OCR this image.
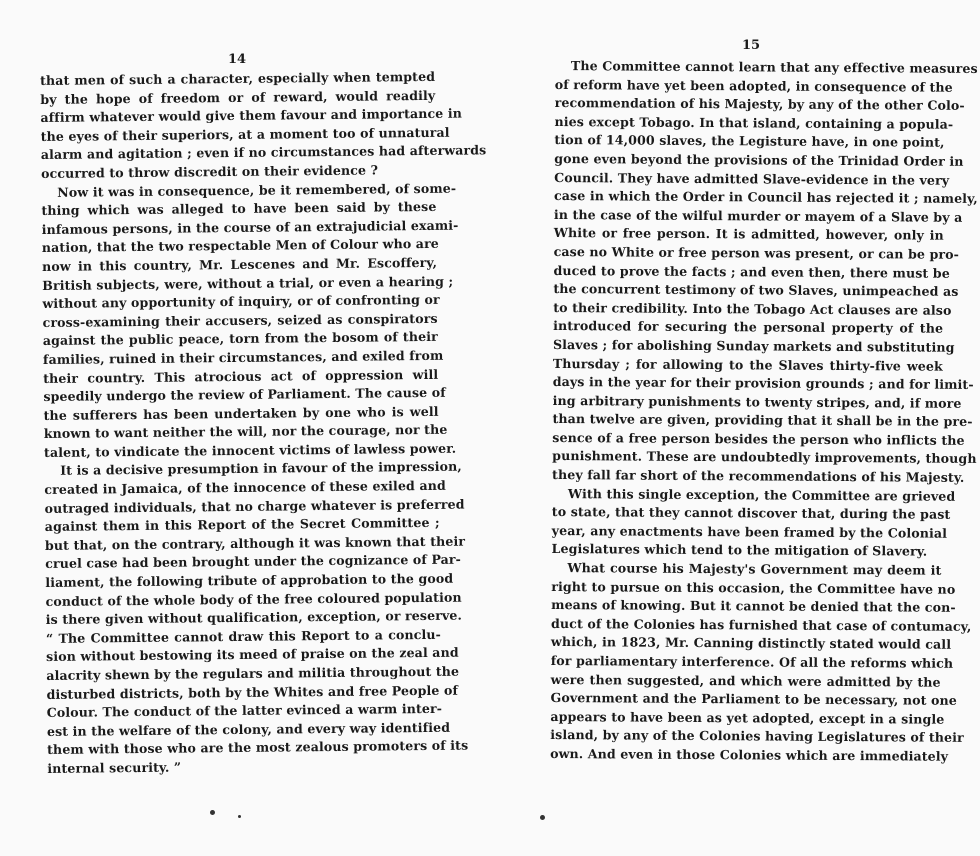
14
that men of such a character, especially when tempted
by the hope of freedom or of reward, would readily
affirm whatever would give them favour and importance in
the eyes of their superiors, at a moment too of unnatural
alarm and agitation ; even if no circumstances had afterwards
occurred to throw discredit on their evidence ?
Now it was in consequence, be it remembered, of some-
thing which was alleged to have been said by these
infamous persons, in the course of an extrajudicial exami-
nation, that the two respectable Men of Colour who are
now in this country, Mr. Lescenes and Mr. Escoffery,
British subjects, were, without a trial, or even a hearing ;
without any opportunity of inquiry, or of confronting or
cross-examining their accusers, seized as conspirators
against the public peace, torn from the bosom of their
families, ruined in their circumstances, and exiled from
their country. This atrocious act of oppression will
speedily undergo the review of Parliament. The cause of
the sufferers has been undertaken by one who is well
known to want neither the will, nor the courage, nor the
talent, to vindicate the innocent victims of lawless power.
It is a decisive presumption in favour of the impression,
created in Jamaica, of the innocence of these exiled and
outraged individuals, that no charge whatever is preferred
against them in this Report of the Secret Committee ;
but that, on the contrary, although it was known that their
cruel case had been brought under the cognizance of Par-
liament, the following tribute of approbation to the good
conduct of the whole body of the free coloured population
is there given without qualification, exception, or reserve.
“ The Committee cannot draw this Report to a conclu-
sion without bestowing its meed of praise on the zeal and
alacrity shewn by the regulars and militia throughout the
disturbed districts, both by the Whites and free People of
Colour. The conduct of the latter evinced a warm inter-
est in the welfare of the colony, and every way identified
them with those who are the most zealous promoters of its
internal security. ”
15
The Committee cannot learn that any effective measures
of reform have yet been adopted, in consequence of the
recommendation of his Majesty, by any of the other Colo-
nies except Tobago. In that island, containing a popula-
tion of 14,000 slaves, the Legisture have, in one point,
gone even beyond the provisions of the Trinidad Order in
Council. They have admitted Slave-evidence in the very
case in which the Order in Council has rejected it ; namely,
in the case of the wilful murder or mayem of a Slave by a
White or free person. It is admitted, however, only in
case no White or free person was present, or can be pro-
duced to prove the facts ; and even then, there must be
the concurrent testimony of two Slaves, unimpeached as
to their credibility. Into the Tobago Act clauses are also
introduced for securing the personal property of the
Slaves ; for abolishing Sunday markets and substituting
Thursday ; for allowing to the Slaves thirty-five week
days in the year for their provision grounds ; and for limit-
ing arbitrary punishments to twenty stripes, and, if more
than twelve are given, providing that it shall be in the pre-
sence of a free person besides the person who inflicts the
punishment. These are undoubtedly improvements, though
they fall far short of the recommendations of his Majesty.
With this single exception, the Committee are grieved
to state, that they cannot discover that, during the past
year, any enactments have been framed by the Colonial
Legislatures which tend to the mitigation of Slavery.
What course his Majesty's Government may deem it
right to pursue on this occasion, the Committee have no
means of knowing. But it cannot be denied that the con-
duct of the Colonies has furnished that case of contumacy,
which, in 1823, Mr. Canning distinctly stated would call
for parliamentary interference. Of all the reforms which
were then suggested, and which were admitted by the
Government and the Parliament to be necessary, not one
appears to have been as yet adopted, except in a single
island, by any of the Colonies having Legislatures of their
own. And even in those Colonies which are immediately
